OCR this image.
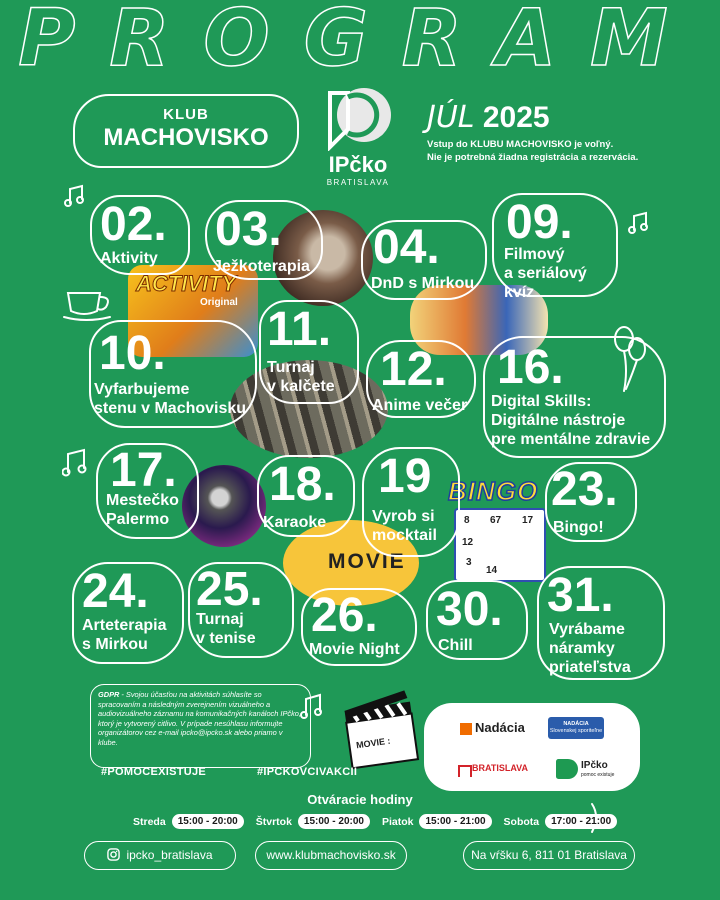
PROGRAM
KLUB
MACHOVISKO
IPčko
BRATISLAVA
JÚL 2025
Vstup do KLUBU MACHOVISKO je voľný.
Nie je potrebná žiadna registrácia a rezervácia.
ACTIVITY
Original
MOVIE
BINGO
8 67 17
12
3
14
02.
Aktivity
03.
Ježkoterapia 04.
DnD s Mirkou
09.
Filmový
a seriálový kvíz
10.
Vyfarbujeme
stenu v Machovisku
11.
Turnaj
v kalčete 12.
Anime večer
16.
Digital Skills:
Digitálne nástroje
pre mentálne zdravie
17.
Mestečko
Palermo
18.
Karaoke
19
Vyrob si
mocktail
23.
Bingo!
24.
Arteterapia
s Mirkou
25.
Turnaj
v tenise 26.
Movie Night
30.
Chill
31.
Vyrábame
náramky
priateľstva
MOVIE :
GDPR - Svojou účasťou na aktivitách súhlasíte so spracovaním a následným zverejnením vizuálneho a audiovizuálneho záznamu na komunikačných kanáloch IPčko, ktorý je vytvorený citlivo. V prípade nesúhlasu informujte organizátorov cez e-mail ipcko@ipcko.sk alebo priamo v klube.
#POMOCEXISTUJE	#IPCKOVCIVAKCII
Nadácia	NADÁCIA
Slovenskej sporiteľne
BRATISLAVA	IPčko
pomoc existuje
Otváracie hodiny
Streda	15:00 - 20:00	Štvrtok	15:00 - 20:00	Piatok	15:00 - 21:00	Sobota	17:00 - 21:00
ipcko_bratislava	www.klubmachovisko.sk	Na vŕšku 6, 811 01 Bratislava
